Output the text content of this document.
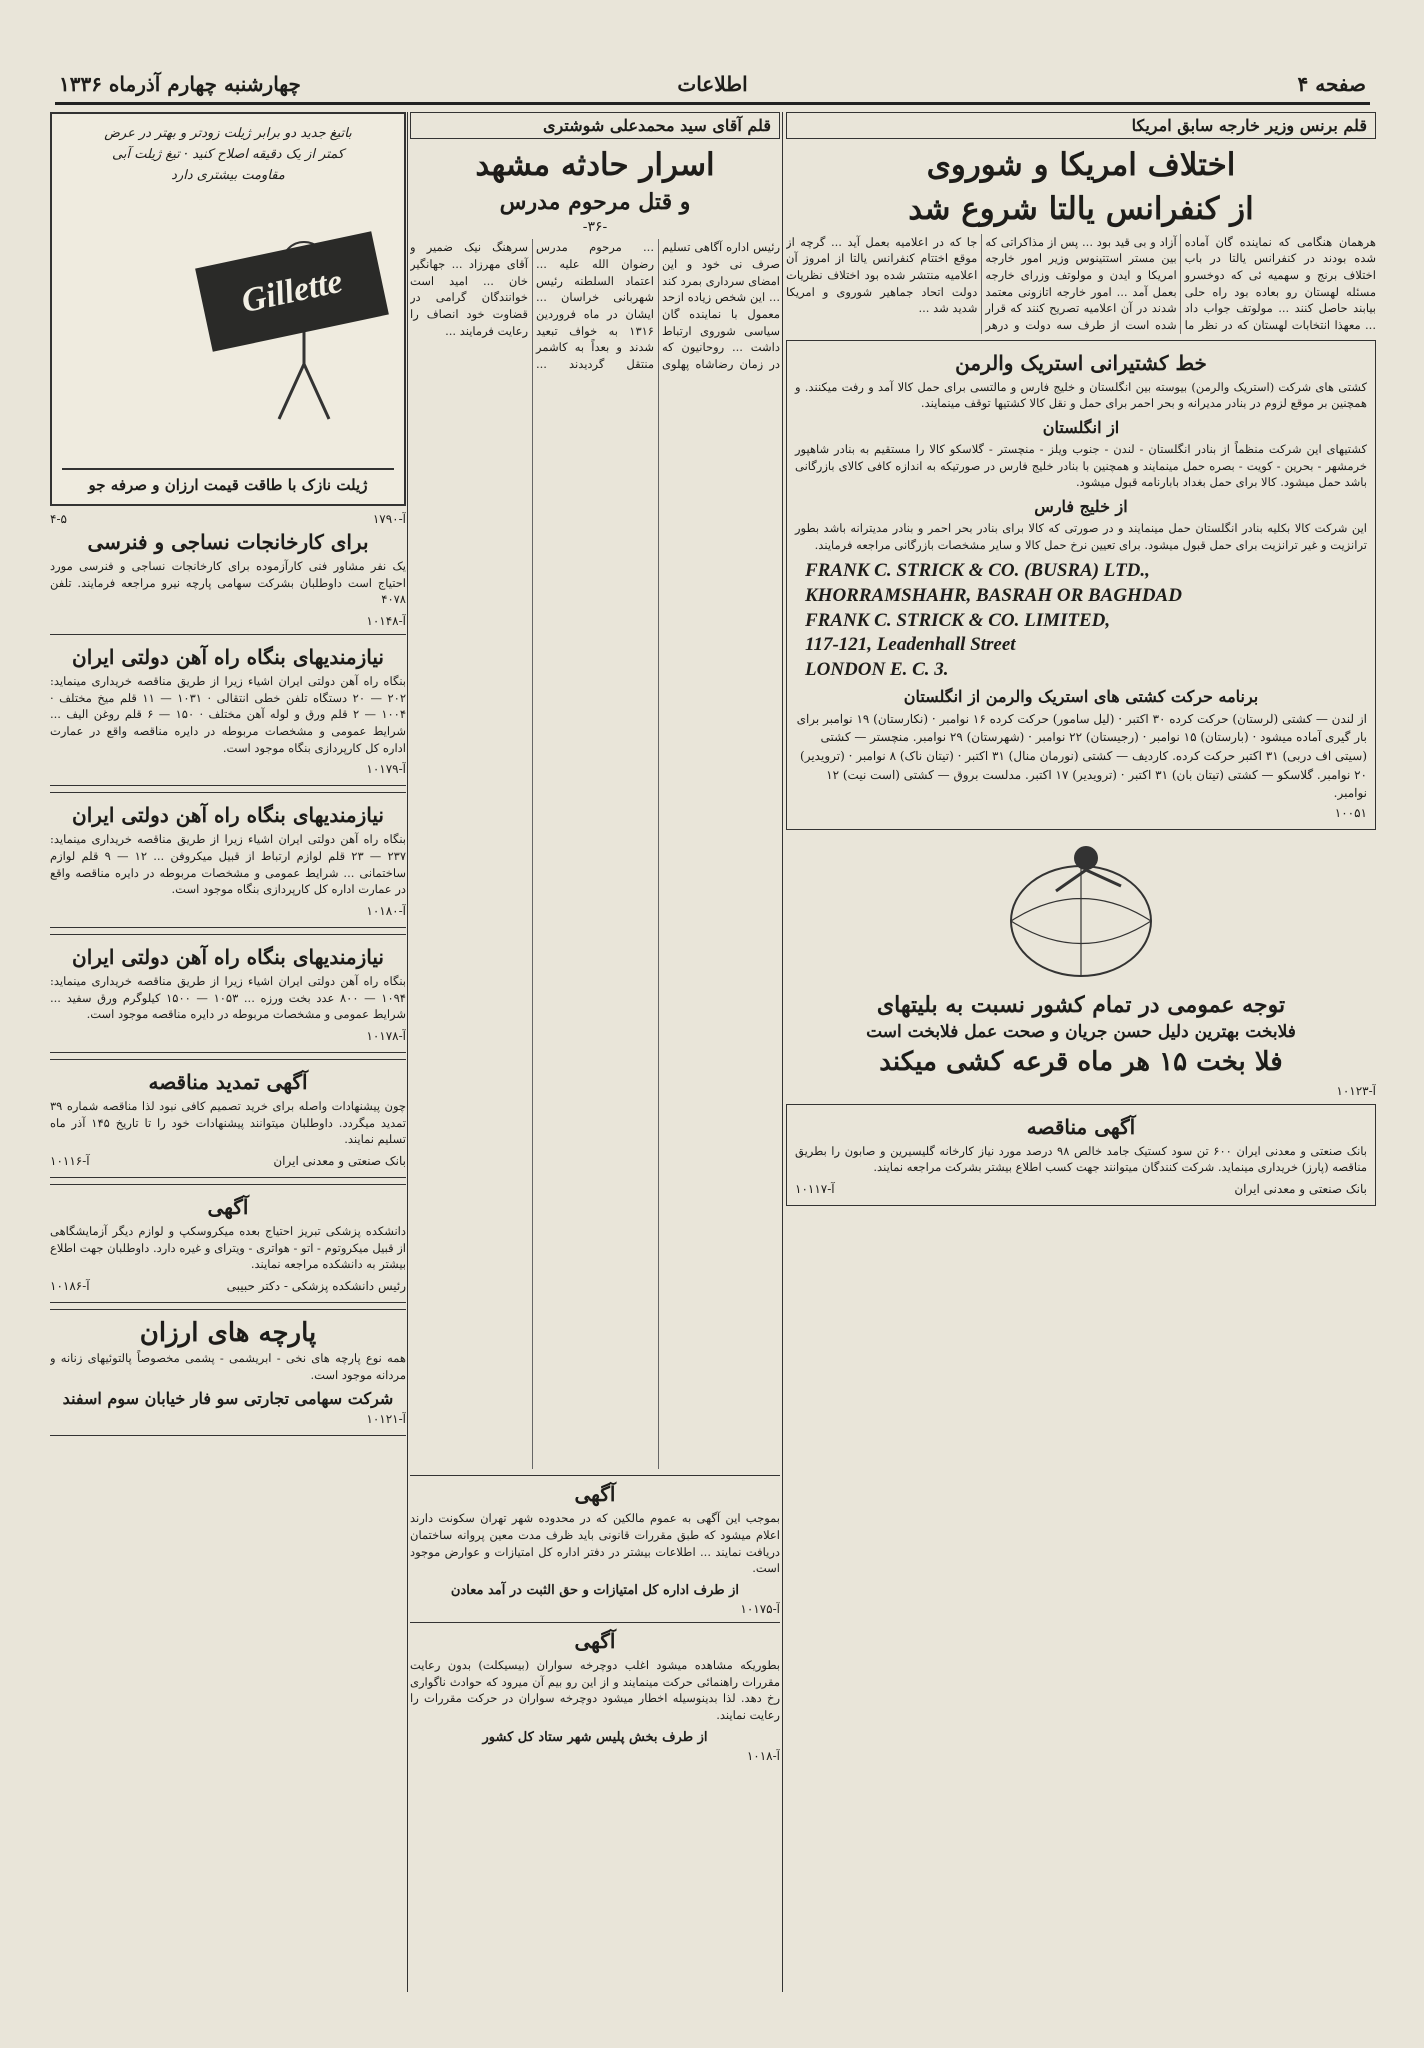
صفحه ۴
اطلاعات
چهارشنبه چهارم آذرماه ۱۳۳۶
قلم برنس وزیر خارجه سابق امریکا
اختلاف امریکا و شوروی
از کنفرانس یالتا شروع شد
هرهمان هنگامی که نماینده گان آماده شده بودند در کنفرانس یالتا در باب اختلاف برنج و سهمیه ئی که دوخسرو مسئله لهستان رو بعاده بود راه حلی بیابند حاصل کنند ... مولوتف جواب داد ... معهذا انتخابات لهستان که در نظر ما آزاد و بی قید بود ... پس از مذاکراتی که بین مستر استتینوس وزیر امور خارجه امریکا و ایدن و مولوتف وزرای خارجه بعمل آمد ... امور خارجه اتازونی معتمد شدند در آن اعلامیه تصریح کنند که قرار شده است از طرف سه دولت و درهر جا که در اعلامیه بعمل آید ... گرچه از موقع اختتام کنفرانس یالتا از امروز آن اعلامیه منتشر شده بود اختلاف نظریات دولت اتحاد جماهیر شوروی و امریکا شدید شد ...
خط کشتیرانی استریک والرمن
کشتی های شرکت (استریک والرمن) بیوسته بین انگلستان و خلیج فارس و مالتسی برای حمل کالا آمد و رفت میکنند. و همچنین بر موقع لزوم در بنادر مدیرانه و بحر احمر برای حمل و نقل کالا کشتیها توقف مینمایند.
از انگلستان
کشتیهای این شرکت منظماً از بنادر انگلستان - لندن - جنوب ویلز - منچستر - گلاسکو کالا را مستقیم به بنادر شاهپور خرمشهر - بحرین - کویت - بصره حمل مینمایند و همچنین با بنادر خلیج فارس در صورتیکه به اندازه کافی کالای بازرگانی باشد حمل میشود. کالا برای حمل بغداد بابارنامه قبول میشود.
از خلیج فارس
این شرکت کالا بکلیه بنادر انگلستان حمل مینمایند و در صورتی که کالا برای بنادر بحر احمر و بنادر مدیترانه باشد بطور ترانزیت و غیر ترانزیت برای حمل قبول میشود. برای تعیین نرخ حمل کالا و سایر مشخصات بازرگانی مراجعه فرمایند.
FRANK C. STRICK & CO. (BUSRA) LTD.,
KHORRAMSHAHR, BASRAH OR BAGHDAD
FRANK C. STRICK & CO. LIMITED,
117-121, Leadenhall Street
LONDON E. C. 3.
برنامه حرکت کشتی های استریک والرمن از انگلستان
از لندن — کشتی (لرستان) حرکت کرده ۳۰ اکتبر · (لیل سامور) حرکت کرده ۱۶ نوامبر · (نکارستان) ۱۹ نوامبر برای بار گیری آماده میشود · (بارستان) ۱۵ نوامبر · (رجیستان) ۲۲ نوامبر · (شهرستان) ۲۹ نوامبر. منچستر — کشتی (سیتی اف دربی) ۳۱ اکتبر حرکت کرده. کاردیف — کشتی (نورمان منال) ۳۱ اکتبر · (تیتان ناک) ۸ نوامبر · (ترویدیر) ۲۰ نوامبر. گلاسکو — کشتی (تیتان بان) ۳۱ اکتبر · (ترویدیر) ۱۷ اکتبر. مدلست بروق — کشتی (است نیت) ۱۲ نوامبر.
۱۰۰۵۱
توجه عمومی در تمام کشور نسبت به بلیتهای
فلابخت بهترین دلیل حسن جریان و صحت عمل فلابخت است
فلا بخت ۱۵ هر ماه قرعه کشی میکند
آ-۱۰۱۲۳
آگهی مناقصه
بانک صنعتی و معدنی ایران ۶۰۰ تن سود کستیک جامد خالص ۹۸ درصد مورد نیاز کارخانه گلیسیرین و صابون را بطریق مناقصه (پارز) خریداری مینماید. شرکت کنندگان میتوانند جهت کسب اطلاع بیشتر بشرکت مراجعه نمایند.
بانک صنعتی و معدنی ایران
آ-۱۰۱۱۷
قلم آقای سید محمدعلی شوشتری
اسرار حادثه مشهد
و قتل مرحوم مدرس
-۳۶-
رئیس اداره آگاهی تسلیم صرف نی خود و این امضای سرداری بمرد کند ... این شخص زیاده ازحد معمول با نماینده گان سیاسی شوروی ارتباط داشت ... روحانیون که در زمان رضاشاه پهلوی ... مرحوم مدرس رضوان الله علیه ... اعتماد السلطنه رئیس شهربانی خراسان ... ایشان در ماه فروردین ۱۳۱۶ به خواف تبعید شدند و بعداً به کاشمر منتقل گردیدند ... سرهنگ نیک ضمیر و آقای مهرزاد ... جهانگیر خان ... امید است خوانندگان گرامی در قضاوت خود انصاف را رعایت فرمایند ...
آگهی
بموجب این آگهی به عموم مالکین که در محدوده شهر تهران سکونت دارند اعلام میشود که طبق مقررات قانونی باید ظرف مدت معین پروانه ساختمان دریافت نمایند ... اطلاعات بیشتر در دفتر اداره کل امتیازات و عوارض موجود است.
از طرف اداره کل امتیازات و حق الثبت در آمد معادن
آ-۱۰۱۷۵
آگهی
بطوریکه مشاهده میشود اغلب دوچرخه سواران (بیسیکلت) بدون رعایت مقررات راهنمائی حرکت مینمایند و از این رو بیم آن میرود که حوادث ناگواری رخ دهد. لذا بدینوسیله اخطار میشود دوچرخه سواران در حرکت مقررات را رعایت نمایند.
از طرف بخش پلیس شهر ستاد کل کشور
آ-۱۰۱۸
باتیغ جدید دو برابر ژیلت زودتر و بهتر در عرض کمتر از یک دقیقه اصلاح کنید · تیغ ژیلت آبی مقاومت بیشتری دارد
Gillette
ژیلت نازک با طاقت قیمت ارزان و صرفه جو
آ-۱۷۹۰
۴-۵
برای کارخانجات نساجی و فنرسی
یک نفر مشاور فنی کارآزموده برای کارخانجات نساجی و فنرسی مورد احتیاج است داوطلبان بشرکت سهامی پارچه نیرو مراجعه فرمایند. تلفن ۴۰۷۸
آ-۱۰۱۴۸
نیازمندیهای بنگاه راه آهن دولتی ایران
بنگاه راه آهن دولتی ایران اشیاء زیرا از طریق مناقصه خریداری مینماید: ۲۰۲ — ۲۰ دستگاه تلفن خطی انتقالی · ۱۰۳۱ — ۱۱ قلم میخ مختلف · ۱۰۰۴ — ۲ قلم ورق و لوله آهن مختلف · ۱۵۰ — ۶ قلم روغن الیف ... شرایط عمومی و مشخصات مربوطه در دایره مناقصه واقع در عمارت اداره کل کارپردازی بنگاه موجود است.
آ-۱۰۱۷۹
نیازمندیهای بنگاه راه آهن دولتی ایران
بنگاه راه آهن دولتی ایران اشیاء زیرا از طریق مناقصه خریداری مینماید: ۲۳۷ — ۲۳ قلم لوازم ارتباط از قبیل میکروفن ... ۱۲ — ۹ قلم لوازم ساختمانی ... شرایط عمومی و مشخصات مربوطه در دایره مناقصه واقع در عمارت اداره کل کارپردازی بنگاه موجود است.
آ-۱۰۱۸۰
نیازمندیهای بنگاه راه آهن دولتی ایران
بنگاه راه آهن دولتی ایران اشیاء زیرا از طریق مناقصه خریداری مینماید: ۱۰۹۴ — ۸۰۰ عدد بخت ورزه ... ۱۰۵۳ — ۱۵۰۰ کیلوگرم ورق سفید ... شرایط عمومی و مشخصات مربوطه در دایره مناقصه موجود است.
آ-۱۰۱۷۸
آگهی تمدید مناقصه
چون پیشنهادات واصله برای خرید تصمیم کافی نبود لذا مناقصه شماره ۳۹ تمدید میگردد. داوطلبان میتوانند پیشنهادات خود را تا تاریخ ۱۴۵ آذر ماه تسلیم نمایند.
بانک صنعتی و معدنی ایران
آ-۱۰۱۱۶
آگهی
دانشکده پزشکی تبریز احتیاج بعده میکروسکپ و لوازم دیگر آزمایشگاهی از قبیل میکروتوم - اتو - هواتری - ویترای و غیره دارد. داوطلبان جهت اطلاع بیشتر به دانشکده مراجعه نمایند.
رئیس دانشکده پزشکی - دکتر حبیبی
آ-۱۰۱۸۶
پارچه های ارزان
همه نوع پارچه های نخی - ابریشمی - پشمی مخصوصاً پالتوئیهای زنانه و مردانه موجود است.
شرکت سهامی تجارتی سو فار خیابان سوم اسفند
آ-۱۰۱۲۱
